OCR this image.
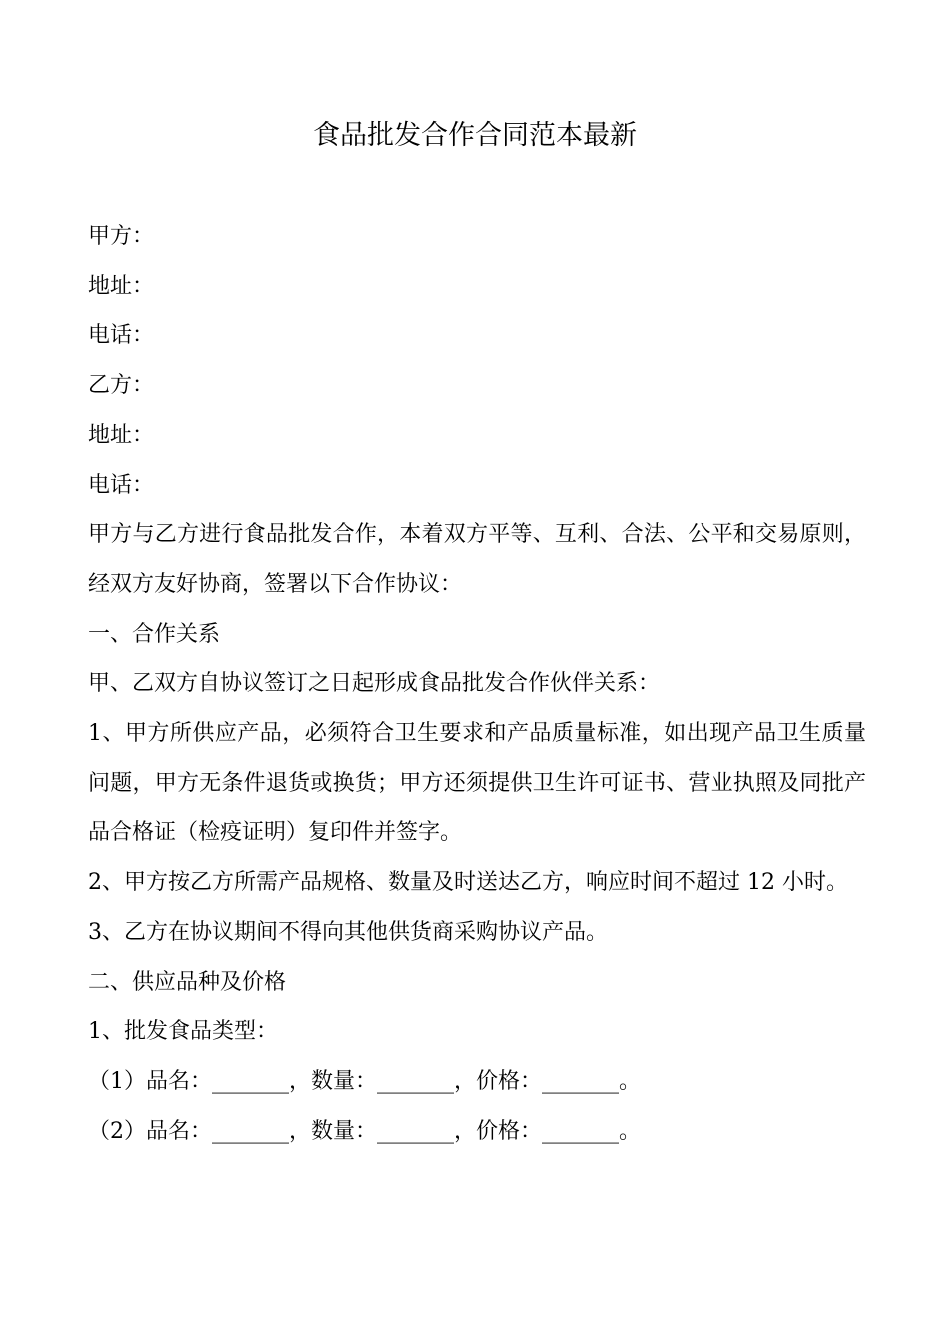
食品批发合作合同范本最新

甲方：

地址：

电话：

乙方：

地址：

电话：

甲方与乙方进行食品批发合作，本着双方平等、互利、合法、公平和交易原则，经双方友好协商，签署以下合作协议：

一、合作关系

甲、乙双方自协议签订之日起形成食品批发合作伙伴关系：

1、甲方所供应产品，必须符合卫生要求和产品质量标准，如出现产品卫生质量问题，甲方无条件退货或换货；甲方还须提供卫生许可证书、营业执照及同批产品合格证（检疫证明）复印件并签字。

2、甲方按乙方所需产品规格、数量及时送达乙方，响应时间不超过 12 小时。

3、乙方在协议期间不得向其他供货商采购协议产品。

二、供应品种及价格

1、批发食品类型：

（1）品名：_______，数量：_______，价格：_______。

（2）品名：_______，数量：_______，价格：_______。
